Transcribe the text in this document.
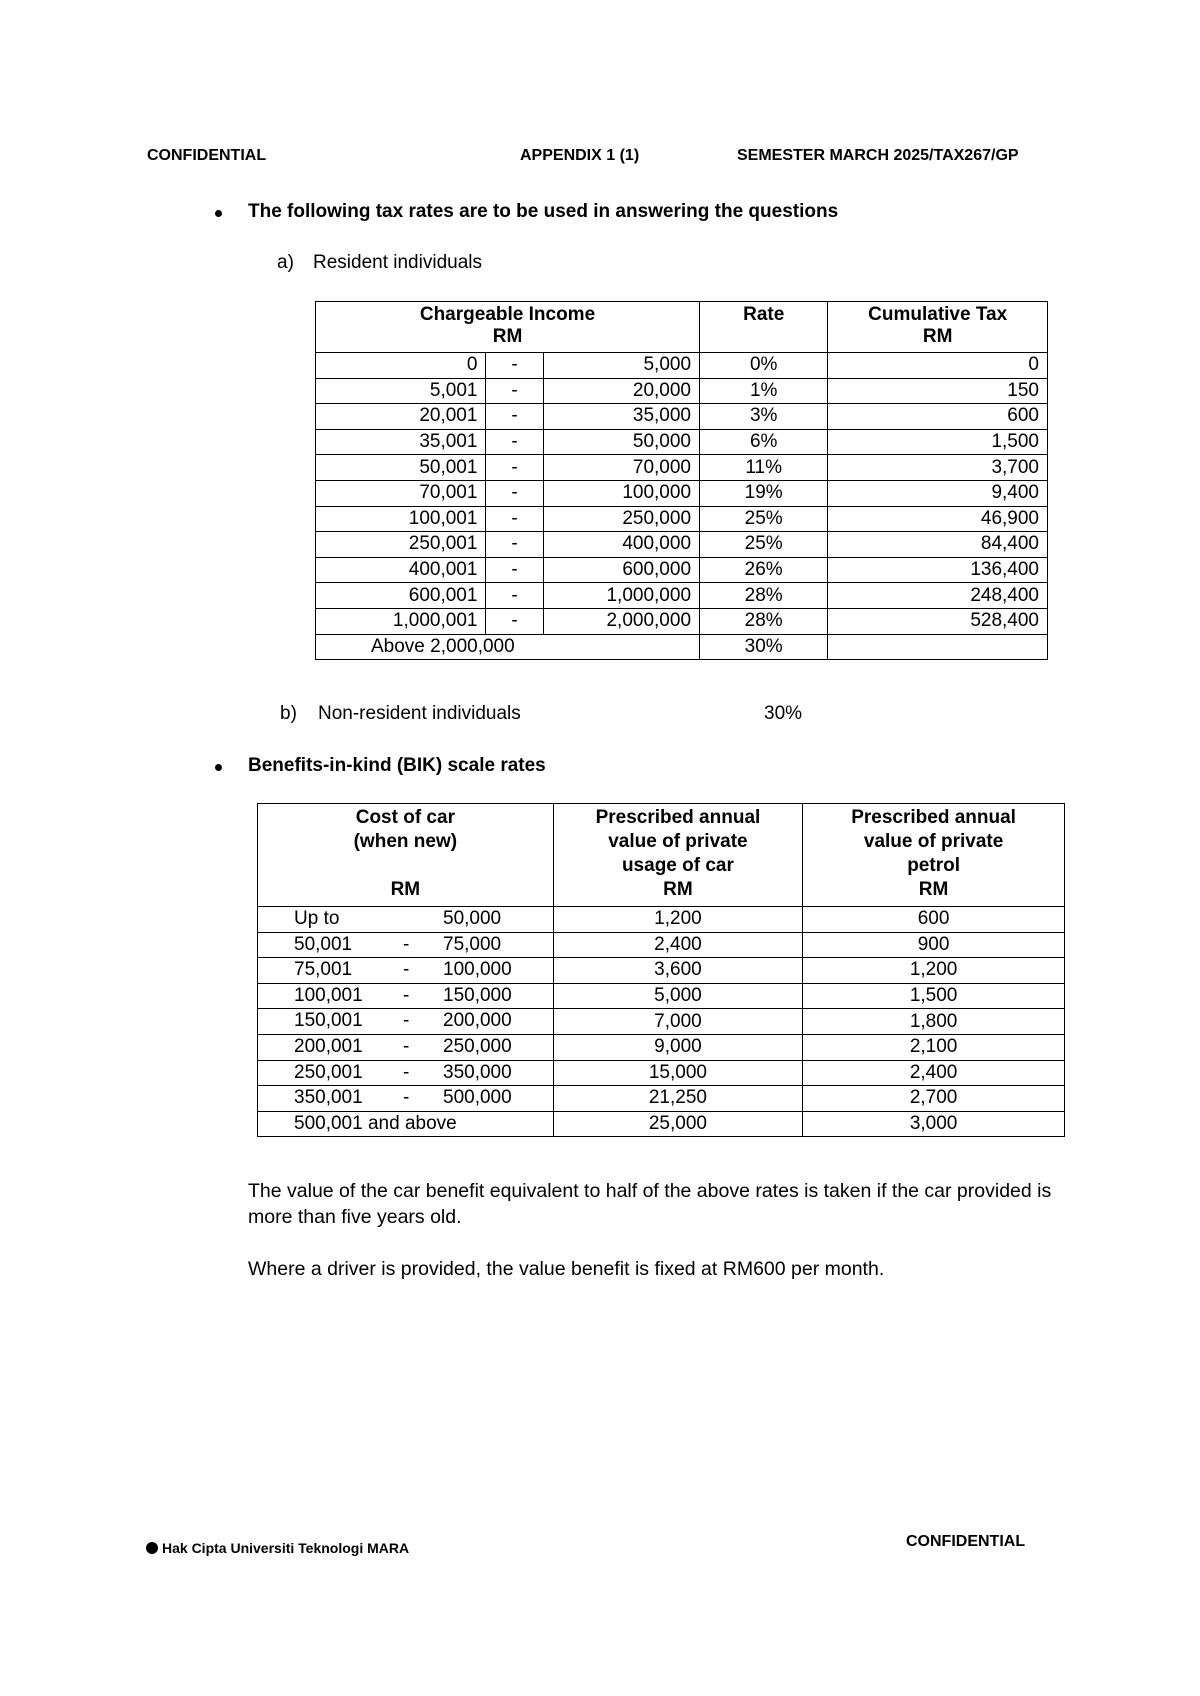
CONFIDENTIAL	APPENDIX 1 (1)	SEMESTER MARCH 2025/TAX267/GP
The following tax rates are to be used in answering the questions
a) Resident individuals
Chargeable Income
RM			Rate	Cumulative Tax
RM
0	-	5,000	0%	0
5,001	-	20,000	1%	150
20,001	-	35,000	3%	600
35,001	-	50,000	6%	1,500
50,001	-	70,000	11%	3,700
70,001	-	100,000	19%	9,400
100,001	-	250,000	25%	46,900
250,001	-	400,000	25%	84,400
400,001	-	600,000	26%	136,400
600,001	-	1,000,000	28%	248,400
1,000,001	-	2,000,000	28%	528,400
Above 2,000,000			30%	
b) Non-resident individuals	30%
Benefits-in-kind (BIK) scale rates
Cost of car
(when new)

RM	Prescribed annual
value of private
usage of car
RM	Prescribed annual
value of private
petrol
RM

Up to 50,000	1,200	600

50,001 - 75,000	2,400	900

75,001 - 100,000	3,600	1,200

100,001 - 150,000	5,000	1,500

150,001 - 200,000	7,000	1,800

200,001 - 250,000	9,000	2,100

250,001 - 350,000	15,000	2,400

350,001 - 500,000	21,250	2,700

500,001 and above	25,000	3,000
The value of the car benefit equivalent to half of the above rates is taken if the car provided is more than five years old.
Where a driver is provided, the value benefit is fixed at RM600 per month.
Hak Cipta Universiti Teknologi MARA	CONFIDENTIAL
